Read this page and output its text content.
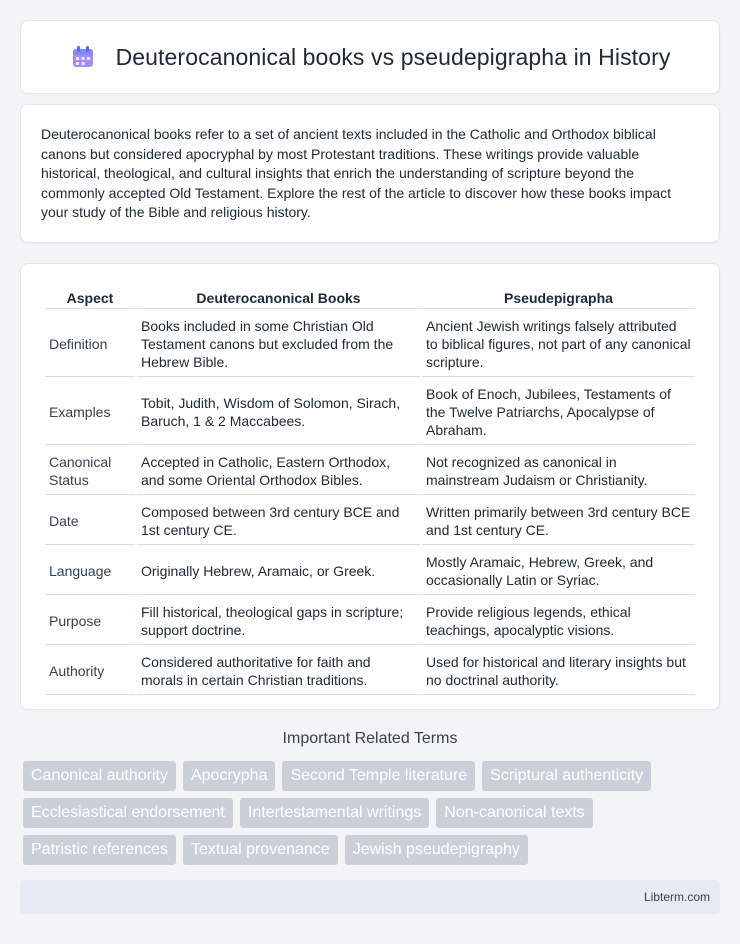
Deuterocanonical books vs pseudepigrapha in History

Deuterocanonical books refer to a set of ancient texts included in the Catholic and Orthodox biblical canons but considered apocryphal by most Protestant traditions. These writings provide valuable historical, theological, and cultural insights that enrich the understanding of scripture beyond the commonly accepted Old Testament. Explore the rest of the article to discover how these books impact your study of the Bible and religious history.

Aspect	Deuterocanonical Books	Pseudepigrapha
Definition	Books included in some Christian Old Testament canons but excluded from the Hebrew Bible.	Ancient Jewish writings falsely attributed to biblical figures, not part of any canonical scripture.
Examples	Tobit, Judith, Wisdom of Solomon, Sirach, Baruch, 1 & 2 Maccabees.	Book of Enoch, Jubilees, Testaments of the Twelve Patriarchs, Apocalypse of Abraham.
Canonical Status	Accepted in Catholic, Eastern Orthodox, and some Oriental Orthodox Bibles.	Not recognized as canonical in mainstream Judaism or Christianity.
Date	Composed between 3rd century BCE and 1st century CE.	Written primarily between 3rd century BCE and 1st century CE.
Language	Originally Hebrew, Aramaic, or Greek.	Mostly Aramaic, Hebrew, Greek, and occasionally Latin or Syriac.
Purpose	Fill historical, theological gaps in scripture; support doctrine.	Provide religious legends, ethical teachings, apocalyptic visions.
Authority	Considered authoritative for faith and morals in certain Christian traditions.	Used for historical and literary insights but no doctrinal authority.
Important Related Terms
Canonical authority	Apocrypha	Second Temple literature	Scriptural authenticity
Ecclesiastical endorsement	Intertestamental writings	Non-canonical texts
Patristic references	Textual provenance	Jewish pseudepigraphy
Libterm.com
